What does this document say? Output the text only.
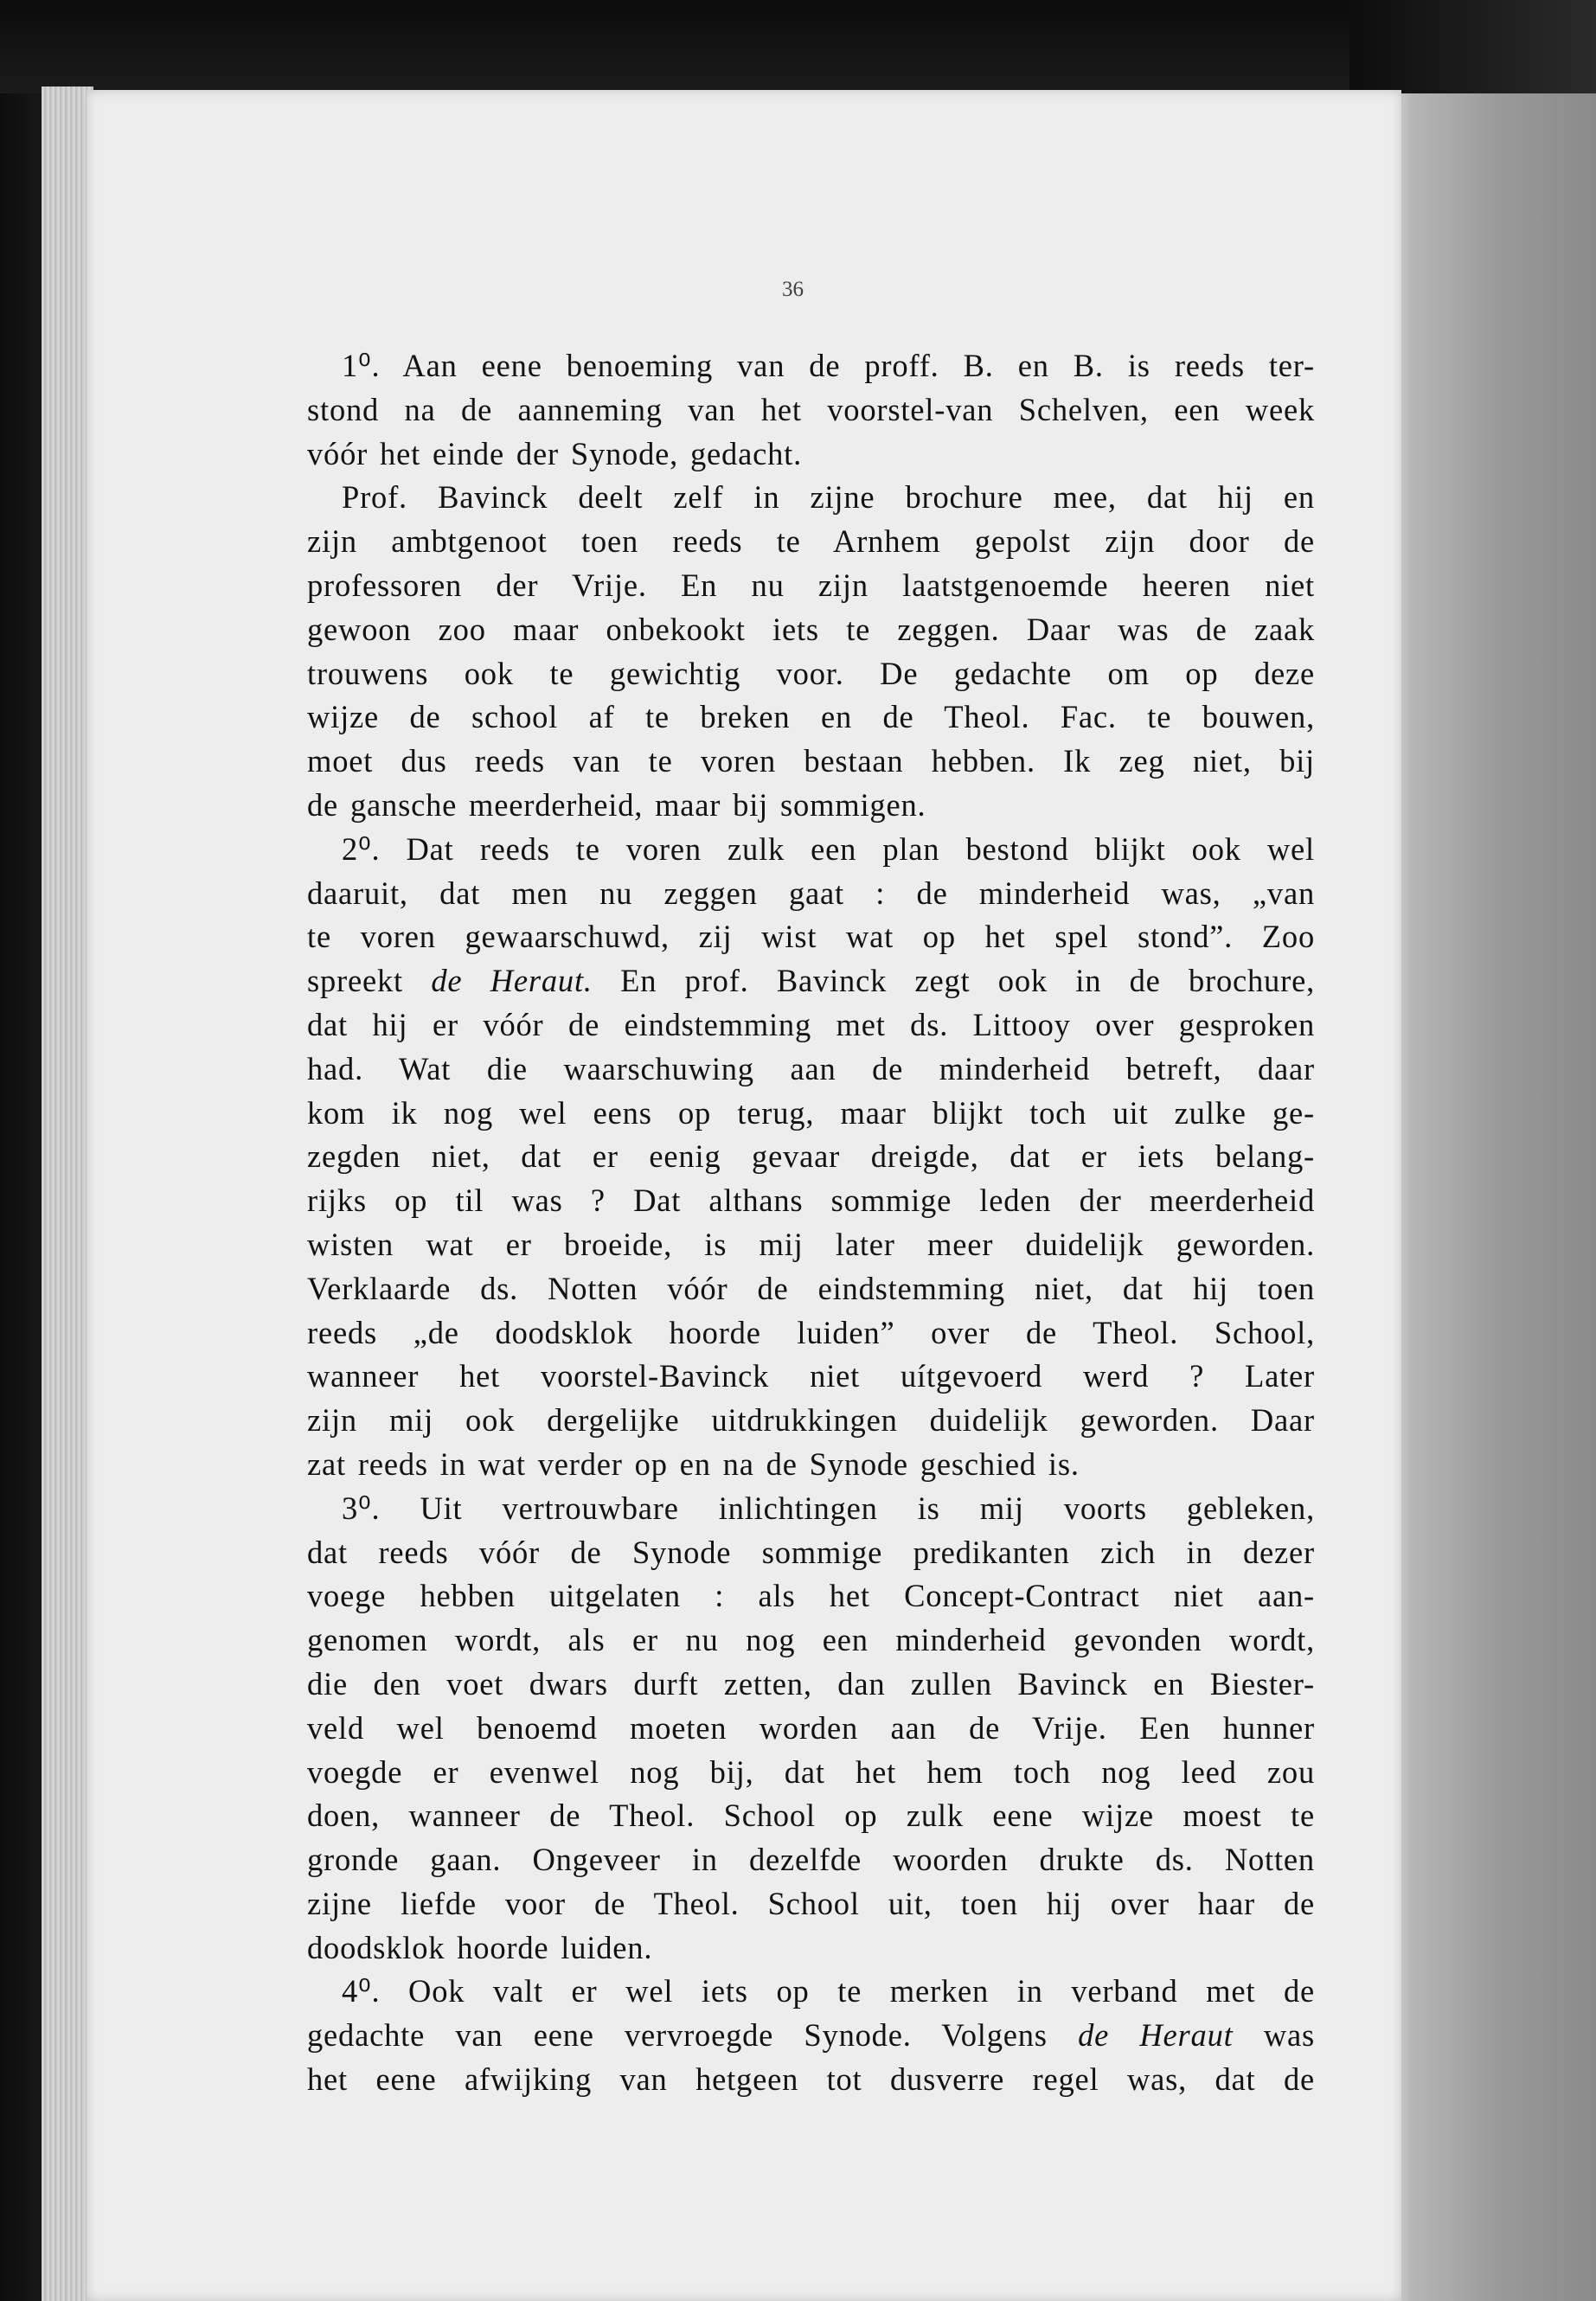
36

1⁰. Aan eene benoeming van de proff. B. en B. is reeds ter-
stond na de aanneming van het voorstel-van Schelven, een week
vóór het einde der Synode, gedacht.
Prof. Bavinck deelt zelf in zijne brochure mee, dat hij en
zijn ambtgenoot toen reeds te Arnhem gepolst zijn door de
professoren der Vrije. En nu zijn laatstgenoemde heeren niet
gewoon zoo maar onbekookt iets te zeggen. Daar was de zaak
trouwens ook te gewichtig voor. De gedachte om op deze
wijze de school af te breken en de Theol. Fac. te bouwen,
moet dus reeds van te voren bestaan hebben. Ik zeg niet, bij
de gansche meerderheid, maar bij sommigen.
2⁰. Dat reeds te voren zulk een plan bestond blijkt ook wel
daaruit, dat men nu zeggen gaat : de minderheid was, „van
te voren gewaarschuwd, zij wist wat op het spel stond”. Zoo
spreekt de Heraut. En prof. Bavinck zegt ook in de brochure,
dat hij er vóór de eindstemming met ds. Littooy over gesproken
had. Wat die waarschuwing aan de minderheid betreft, daar
kom ik nog wel eens op terug, maar blijkt toch uit zulke ge-
zegden niet, dat er eenig gevaar dreigde, dat er iets belang-
rijks op til was ? Dat althans sommige leden der meerderheid
wisten wat er broeide, is mij later meer duidelijk geworden.
Verklaarde ds. Notten vóór de eindstemming niet, dat hij toen
reeds „de doodsklok hoorde luiden” over de Theol. School,
wanneer het voorstel-Bavinck niet uítgevoerd werd ? Later
zijn mij ook dergelijke uitdrukkingen duidelijk geworden. Daar
zat reeds in wat verder op en na de Synode geschied is.
3⁰. Uit vertrouwbare inlichtingen is mij voorts gebleken,
dat reeds vóór de Synode sommige predikanten zich in dezer
voege hebben uitgelaten : als het Concept-Contract niet aan-
genomen wordt, als er nu nog een minderheid gevonden wordt,
die den voet dwars durft zetten, dan zullen Bavinck en Biester-
veld wel benoemd moeten worden aan de Vrije. Een hunner
voegde er evenwel nog bij, dat het hem toch nog leed zou
doen, wanneer de Theol. School op zulk eene wijze moest te
gronde gaan. Ongeveer in dezelfde woorden drukte ds. Notten
zijne liefde voor de Theol. School uit, toen hij over haar de
doodsklok hoorde luiden.
4⁰. Ook valt er wel iets op te merken in verband met de
gedachte van eene vervroegde Synode. Volgens de Heraut was
het eene afwijking van hetgeen tot dusverre regel was, dat de
